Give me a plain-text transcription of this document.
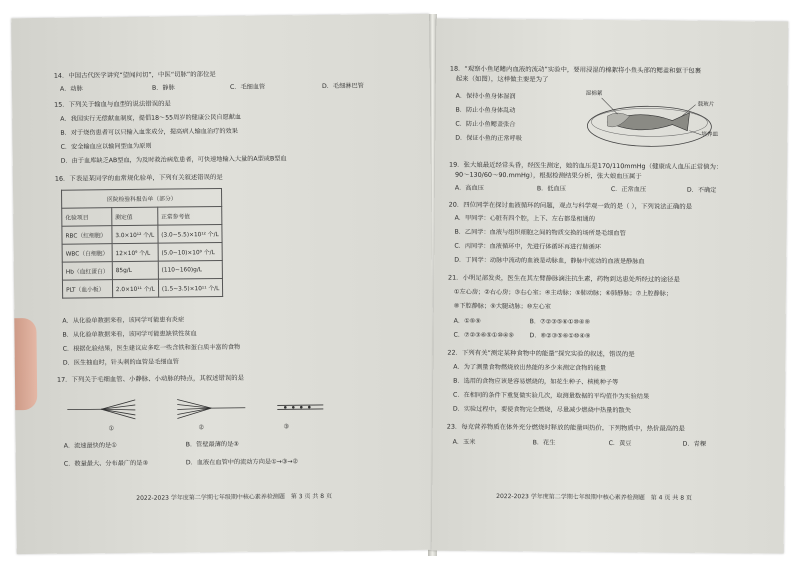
14．中国古代医学讲究“望闻问切”，中医“切脉”的部位是
A．动脉	B．静脉	C．毛细血管	D．毛细淋巴管
15．下列关于输血与血型的说法错误的是
A．我国实行无偿献血制度，提倡18～55周岁的健康公民自愿献血
B．对于烧伤患者可以只输入血浆成分，提高病人输血治疗的效果
C．安全输血应以输同型血为原则
D．由于血库缺乏AB型血，为及时救治病危患者，可快速地输入大量的A型或B型血
16．下表是某同学的血常规化验单，下列有关叙述错误的是
医院检验科报告单（部分）		
化验项目	测定值	正常参考值
RBC（红细胞）	3.0×10¹² 个/L	(3.0~5.5)×10¹² 个/L
WBC（白细胞）	12×10⁹ 个/L	(5.0~10)×10⁹ 个/L
Hb（血红蛋白）	85g/L	(110~160)g/L
PLT（血小板）	2.0×10¹¹ 个/L	(1.5~3.5)×10¹¹ 个/L
A．从化验单数据来看，该同学可能患有炎症
B．从化验单数据来看，该同学可能患缺铁性贫血
C．根据化验结果，医生建议应多吃一些含铁和蛋白质丰富的食物
D．医生抽血时，针头刺的血管是毛细血管
17．下列关于毛细血管、小静脉、小动脉的特点，其叙述错误的是
①	②	③
A．流速最快的是①	B．管壁最薄的是③
C．数量最大、分布最广的是③	D．血液在血管中的流动方向是①→③→②
2022-2023 学年度第二学期七年级期中核心素养检测题　第 3 页 共 8 页
18．“观察小鱼尾鳍内血液的流动”实验中，要用浸湿的棉絮将小鱼头部的鳃盖和躯干包裹
起来（如图），这样做主要是为了
A．保持小鱼身体湿润
B．防止小鱼身体乱动
C．防止小鱼鳃盖张合
D．保证小鱼的正常呼吸
湿棉絮
载玻片
培养皿
19．张大娘最近经常头昏，经医生测定，她的血压是170/110mmHg（健康成人血压正常值为：
90～130/60～90.mmHg），根据检测结果分析，张大娘血压属于
A．高血压	B．低血压	C．正常血压	D．不确定
20．四位同学在探讨血液循环的问题，观点与科学观一致的是（ ），下列说法正确的是
A．甲同学：心脏有四个腔，上下、左右都是相通的
B．乙同学：血液与组织细胞之间的物质交换的场所是毛细血管
C．丙同学：血液循环中，先进行体循环再进行肺循环
D．丁同学：动脉中流动的血液是动脉血，静脉中流动的血液是静脉血
21．小明足部发炎，医生在其左臂静脉滴注抗生素，药物到达患处所经过的途径是
①左心房；②右心房；③右心室；④主动脉；⑤肺动脉；⑥肺静脉；⑦上腔静脉；
⑧下腔静脉；⑨大腿动脉；⑩左心室
A．①⑤⑨	B．⑦②③⑤⑥①⑩④⑨
C．⑦②③⑥⑤①⑩④⑨	D．⑧②③⑤⑥①⑩④⑨
22．下列有关“测定某种食物中的能量”探究实验的叙述，错误的是
A．为了测量食物燃烧放出热能的多少来测定食物的能量
B．选用的食物应该是容易燃烧的，如花生种子、核桃种子等
C．在相同的条件下重复做实验几次，取测量数据的平均值作为实验结果
D．实验过程中，要使食物完全燃烧，尽量减少燃烧中热量的散失
23．每克营养物质在体外充分燃烧时释放的能量叫热价，下列物质中，热价最高的是
A．玉米	B．花生	C．黄豆	D．青稞
2022-2023 学年度第二学期七年级期中核心素养检测题　第 4 页 共 8 页
